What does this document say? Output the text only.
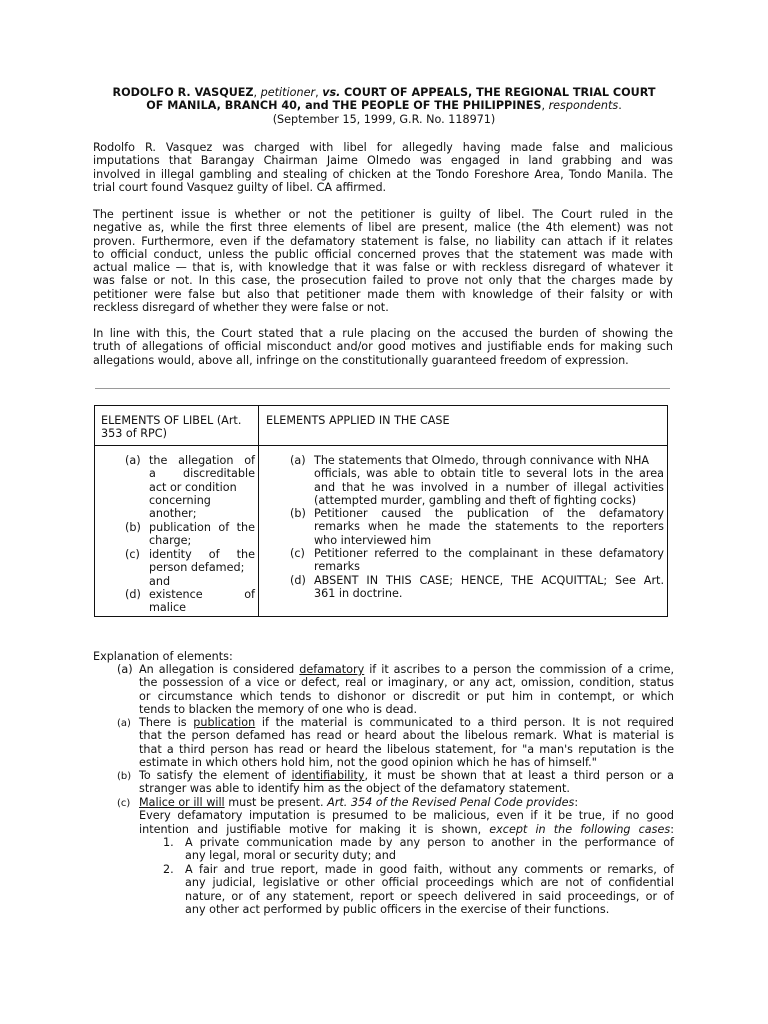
RODOLFO R. VASQUEZ, petitioner, vs. COURT OF APPEALS, THE REGIONAL TRIAL COURT
OF MANILA, BRANCH 40, and THE PEOPLE OF THE PHILIPPINES, respondents.
(September 15, 1999, G.R. No. 118971)
Rodolfo R. Vasquez was charged with libel for allegedly having made false and malicious
imputations that Barangay Chairman Jaime Olmedo was engaged in land grabbing and was
involved in illegal gambling and stealing of chicken at the Tondo Foreshore Area, Tondo Manila. The
trial court found Vasquez guilty of libel. CA affirmed.
The pertinent issue is whether or not the petitioner is guilty of libel. The Court ruled in the
negative as, while the first three elements of libel are present, malice (the 4th element) was not
proven. Furthermore, even if the defamatory statement is false, no liability can attach if it relates
to official conduct, unless the public official concerned proves that the statement was made with
actual malice — that is, with knowledge that it was false or with reckless disregard of whatever it
was false or not. In this case, the prosecution failed to prove not only that the charges made by
petitioner were false but also that petitioner made them with knowledge of their falsity or with
reckless disregard of whether they were false or not.
In line with this, the Court stated that a rule placing on the accused the burden of showing the
truth of allegations of official misconduct and/or good motives and justifiable ends for making such
allegations would, above all, infringe on the constitutionally guaranteed freedom of expression.
ELEMENTS OF LIBEL (Art.
353 of RPC)
ELEMENTS APPLIED IN THE CASE
(a) the allegation of
a discreditable
act or condition
concerning
another;
(b) publication of the
charge;
(c) identity of the
person defamed;
and
(d) existence of
malice
(a) The statements that Olmedo, through connivance with NHA
officials, was able to obtain title to several lots in the area
and that he was involved in a number of illegal activities
(attempted murder, gambling and theft of fighting cocks)
(b) Petitioner caused the publication of the defamatory
remarks when he made the statements to the reporters
who interviewed him
(c) Petitioner referred to the complainant in these defamatory
remarks
(d) ABSENT IN THIS CASE; HENCE, THE ACQUITTAL; See Art.
361 in doctrine.
Explanation of elements:
(a) An allegation is considered defamatory if it ascribes to a person the commission of a crime,
the possession of a vice or defect, real or imaginary, or any act, omission, condition, status
or circumstance which tends to dishonor or discredit or put him in contempt, or which
tends to blacken the memory of one who is dead.
(a) There is publication if the material is communicated to a third person. It is not required
that the person defamed has read or heard about the libelous remark. What is material is
that a third person has read or heard the libelous statement, for "a man's reputation is the
estimate in which others hold him, not the good opinion which he has of himself."
(b) To satisfy the element of identifiability, it must be shown that at least a third person or a
stranger was able to identify him as the object of the defamatory statement.
(c) Malice or ill will must be present. Art. 354 of the Revised Penal Code provides:
Every defamatory imputation is presumed to be malicious, even if it be true, if no good
intention and justifiable motive for making it is shown, except in the following cases:
1. A private communication made by any person to another in the performance of
any legal, moral or security duty; and
2. A fair and true report, made in good faith, without any comments or remarks, of
any judicial, legislative or other official proceedings which are not of confidential
nature, or of any statement, report or speech delivered in said proceedings, or of
any other act performed by public officers in the exercise of their functions.
